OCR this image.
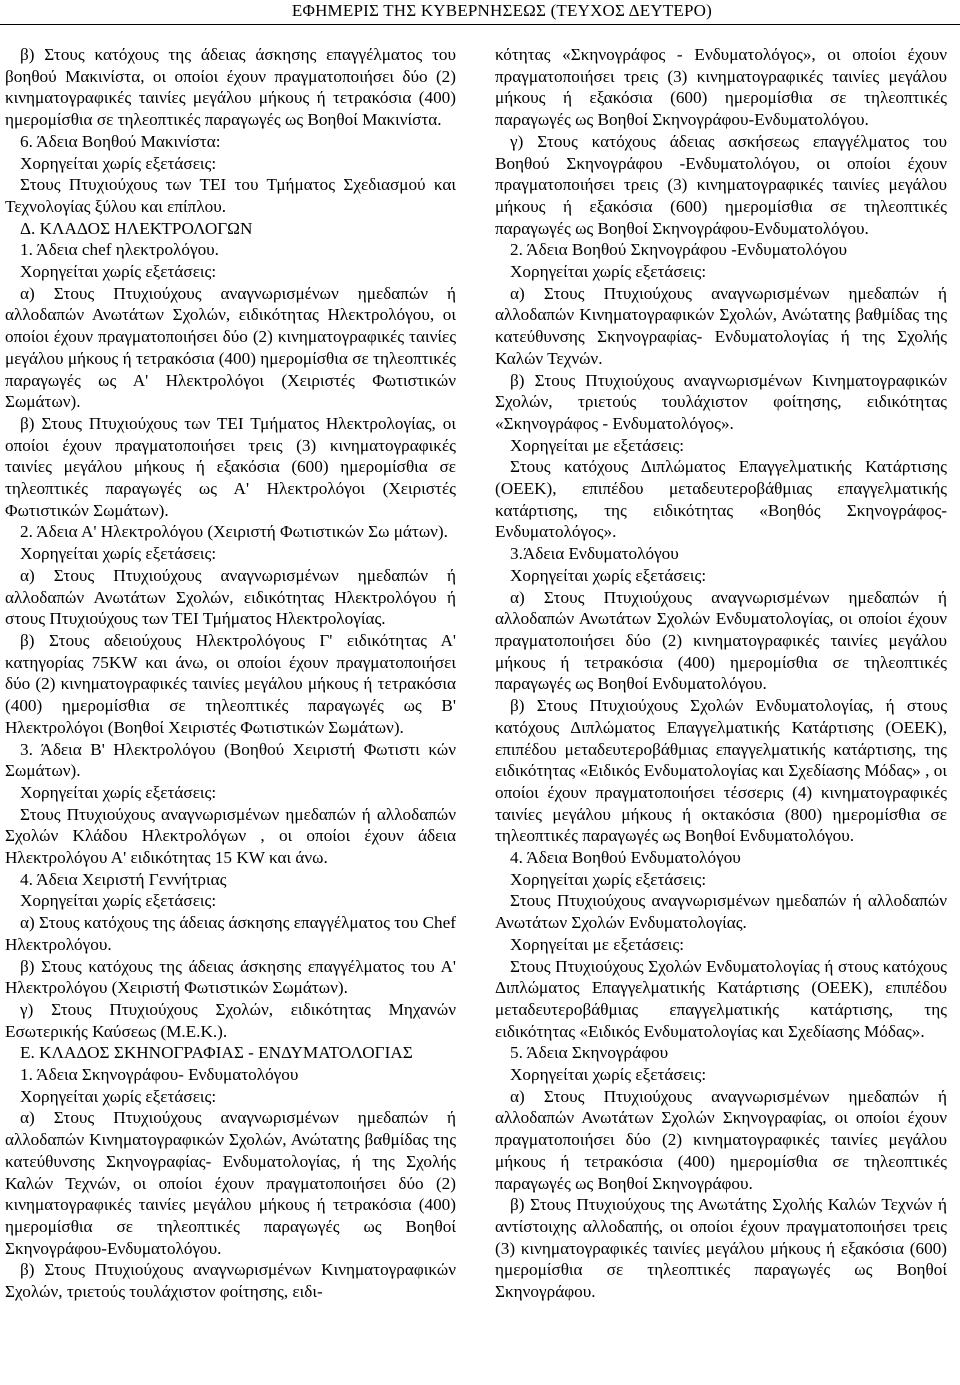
ΕΦΗΜΕΡΙΣ ΤΗΣ ΚΥΒΕΡΝΗΣΕΩΣ (ΤΕΥΧΟΣ ΔΕΥΤΕΡΟ)

β) Στους κατόχους της άδειας άσκησης επαγγέλματος του βοηθού Μακινίστα, οι οποίοι έχουν πραγματοποιήσει δύο (2) κινηματογραφικές ταινίες μεγάλου μήκους ή τετρακόσια (400) ημερομίσθια σε τηλεοπτικές παραγωγές ως Βοηθοί Μακινίστα.

6. Άδεια Βοηθού Μακινίστα:

Χορηγείται χωρίς εξετάσεις:

Στους Πτυχιούχους των ΤΕΙ του Τμήματος Σχεδιασμού και Τεχνολογίας ξύλου και επίπλου.

Δ. ΚΛΑΔΟΣ ΗΛΕΚΤΡΟΛΟΓΩΝ

1. Άδεια chef ηλεκτρολόγου.

Χορηγείται χωρίς εξετάσεις:

α) Στους Πτυχιούχους αναγνωρισμένων ημεδαπών ή αλλοδαπών Ανωτάτων Σχολών, ειδικότητας Ηλεκτρολόγου, οι οποίοι έχουν πραγματοποιήσει δύο (2) κινηματογραφικές ταινίες μεγάλου μήκους ή τετρακόσια (400) ημερομίσθια σε τηλεοπτικές παραγωγές ως Α' Ηλεκτρολόγοι (Χειριστές Φωτιστικών Σωμάτων).

β) Στους Πτυχιούχους των ΤΕΙ Τμήματος Ηλεκτρολογίας, οι οποίοι έχουν πραγματοποιήσει τρεις (3) κινηματογραφικές ταινίες μεγάλου μήκους ή εξακόσια (600) ημερομίσθια σε τηλεοπτικές παραγωγές ως Α' Ηλεκτρολόγοι (Χειριστές Φωτιστικών Σωμάτων).

2. Άδεια Α' Ηλεκτρολόγου (Χειριστή Φωτιστικών Σω μάτων).

Χορηγείται χωρίς εξετάσεις:

α) Στους Πτυχιούχους αναγνωρισμένων ημεδαπών ή αλλοδαπών Ανωτάτων Σχολών, ειδικότητας Ηλεκτρολόγου ή στους Πτυχιούχους των ΤΕΙ Τμήματος Ηλεκτρολογίας.

β) Στους αδειούχους Ηλεκτρολόγους Γ' ειδικότητας Α' κατηγορίας 75KW και άνω, οι οποίοι έχουν πραγματοποιήσει δύο (2) κινηματογραφικές ταινίες μεγάλου μήκους ή τετρακόσια (400) ημερομίσθια σε τηλεοπτικές παραγωγές ως Β' Ηλεκτρολόγοι (Βοηθοί Χειριστές Φωτιστικών Σωμάτων).

3. Άδεια Β' Ηλεκτρολόγου (Βοηθού Χειριστή Φωτιστι κών Σωμάτων).

Χορηγείται χωρίς εξετάσεις:

Στους Πτυχιούχους αναγνωρισμένων ημεδαπών ή αλλοδαπών Σχολών Κλάδου Ηλεκτρολόγων , οι οποίοι έχουν άδεια Ηλεκτρολόγου Α' ειδικότητας 15 KW και άνω.

4. Άδεια Χειριστή Γεννήτριας

Χορηγείται χωρίς εξετάσεις:

α) Στους κατόχους της άδειας άσκησης επαγγέλματος του Chef Ηλεκτρολόγου.

β) Στους κατόχους της άδειας άσκησης επαγγέλματος του Α' Ηλεκτρολόγου (Χειριστή Φωτιστικών Σωμάτων).

γ) Στους Πτυχιούχους Σχολών, ειδικότητας Μηχανών Εσωτερικής Καύσεως (Μ.Ε.Κ.).

Ε. ΚΛΑΔΟΣ ΣΚΗΝΟΓΡΑΦΙΑΣ - ΕΝΔΥΜΑΤΟΛΟΓΙΑΣ

1. Άδεια Σκηνογράφου- Ενδυματολόγου

Χορηγείται χωρίς εξετάσεις:

α) Στους Πτυχιούχους αναγνωρισμένων ημεδαπών ή αλλοδαπών Κινηματογραφικών Σχολών, Ανώτατης βαθμίδας της κατεύθυνσης Σκηνογραφίας- Ενδυματολογίας, ή της Σχολής Καλών Τεχνών, οι οποίοι έχουν πραγματοποιήσει δύο (2) κινηματογραφικές ταινίες μεγάλου μήκους ή τετρακόσια (400) ημερομίσθια σε τηλεοπτικές παραγωγές ως Βοηθοί Σκηνογράφου-Ενδυματολόγου.

β) Στους Πτυχιούχους αναγνωρισμένων Κινηματογραφικών Σχολών, τριετούς τουλάχιστον φοίτησης, ειδι-

κότητας «Σκηνογράφος - Ενδυματολόγος», οι οποίοι έχουν πραγματοποιήσει τρεις (3) κινηματογραφικές ταινίες μεγάλου μήκους ή εξακόσια (600) ημερομίσθια σε τηλεοπτικές παραγωγές ως Βοηθοί Σκηνογράφου-Ενδυματολόγου.

γ) Στους κατόχους άδειας ασκήσεως επαγγέλματος του Βοηθού Σκηνογράφου -Ενδυματολόγου, οι οποίοι έχουν πραγματοποιήσει τρεις (3) κινηματογραφικές ταινίες μεγάλου μήκους ή εξακόσια (600) ημερομίσθια σε τηλεοπτικές παραγωγές ως Βοηθοί Σκηνογράφου-Ενδυματολόγου.

2. Άδεια Βοηθού Σκηνογράφου -Ενδυματολόγου

Χορηγείται χωρίς εξετάσεις:

α) Στους Πτυχιούχους αναγνωρισμένων ημεδαπών ή αλλοδαπών Κινηματογραφικών Σχολών, Ανώτατης βαθμίδας της κατεύθυνσης Σκηνογραφίας- Ενδυματολογίας ή της Σχολής Καλών Τεχνών.

β) Στους Πτυχιούχους αναγνωρισμένων Κινηματογραφικών Σχολών, τριετούς τουλάχιστον φοίτησης, ειδικότητας «Σκηνογράφος - Ενδυματολόγος».

Χορηγείται με εξετάσεις:

Στους κατόχους Διπλώματος Επαγγελματικής Κατάρτισης (ΟΕΕΚ), επιπέδου μεταδευτεροβάθμιας επαγγελματικής κατάρτισης, της ειδικότητας «Βοηθός Σκηνογράφος- Ενδυματολόγος».

3.Άδεια Ενδυματολόγου

Χορηγείται χωρίς εξετάσεις:

α) Στους Πτυχιούχους αναγνωρισμένων ημεδαπών ή αλλοδαπών Ανωτάτων Σχολών Ενδυματολογίας, οι οποίοι έχουν πραγματοποιήσει δύο (2) κινηματογραφικές ταινίες μεγάλου μήκους ή τετρακόσια (400) ημερομίσθια σε τηλεοπτικές παραγωγές ως Βοηθοί Ενδυματολόγου.

β) Στους Πτυχιούχους Σχολών Ενδυματολογίας, ή στους κατόχους Διπλώματος Επαγγελματικής Κατάρτισης (ΟΕΕΚ), επιπέδου μεταδευτεροβάθμιας επαγγελματικής κατάρτισης, της ειδικότητας «Ειδικός Ενδυματολογίας και Σχεδίασης Μόδας» , οι οποίοι έχουν πραγματοποιήσει τέσσερις (4) κινηματογραφικές ταινίες μεγάλου μήκους ή οκτακόσια (800) ημερομίσθια σε τηλεοπτικές παραγωγές ως Βοηθοί Ενδυματολόγου.

4. Άδεια Βοηθού Ενδυματολόγου

Χορηγείται χωρίς εξετάσεις:

Στους Πτυχιούχους αναγνωρισμένων ημεδαπών ή αλλοδαπών Ανωτάτων Σχολών Ενδυματολογίας.

Χορηγείται με εξετάσεις:

Στους Πτυχιούχους Σχολών Ενδυματολογίας ή στους κατόχους Διπλώματος Επαγγελματικής Κατάρτισης (ΟΕΕΚ), επιπέδου μεταδευτεροβάθμιας επαγγελματικής κατάρτισης, της ειδικότητας «Ειδικός Ενδυματολογίας και Σχεδίασης Μόδας».

5. Άδεια Σκηνογράφου

Χορηγείται χωρίς εξετάσεις:

α) Στους Πτυχιούχους αναγνωρισμένων ημεδαπών ή αλλοδαπών Ανωτάτων Σχολών Σκηνογραφίας, οι οποίοι έχουν πραγματοποιήσει δύο (2) κινηματογραφικές ταινίες μεγάλου μήκους ή τετρακόσια (400) ημερομίσθια σε τηλεοπτικές παραγωγές ως Βοηθοί Σκηνογράφου.

β) Στους Πτυχιούχους της Ανωτάτης Σχολής Καλών Τεχνών ή αντίστοιχης αλλοδαπής, οι οποίοι έχουν πραγματοποιήσει τρεις (3) κινηματογραφικές ταινίες μεγάλου μήκους ή εξακόσια (600) ημερομίσθια σε τηλεοπτικές παραγωγές ως Βοηθοί Σκηνογράφου.
